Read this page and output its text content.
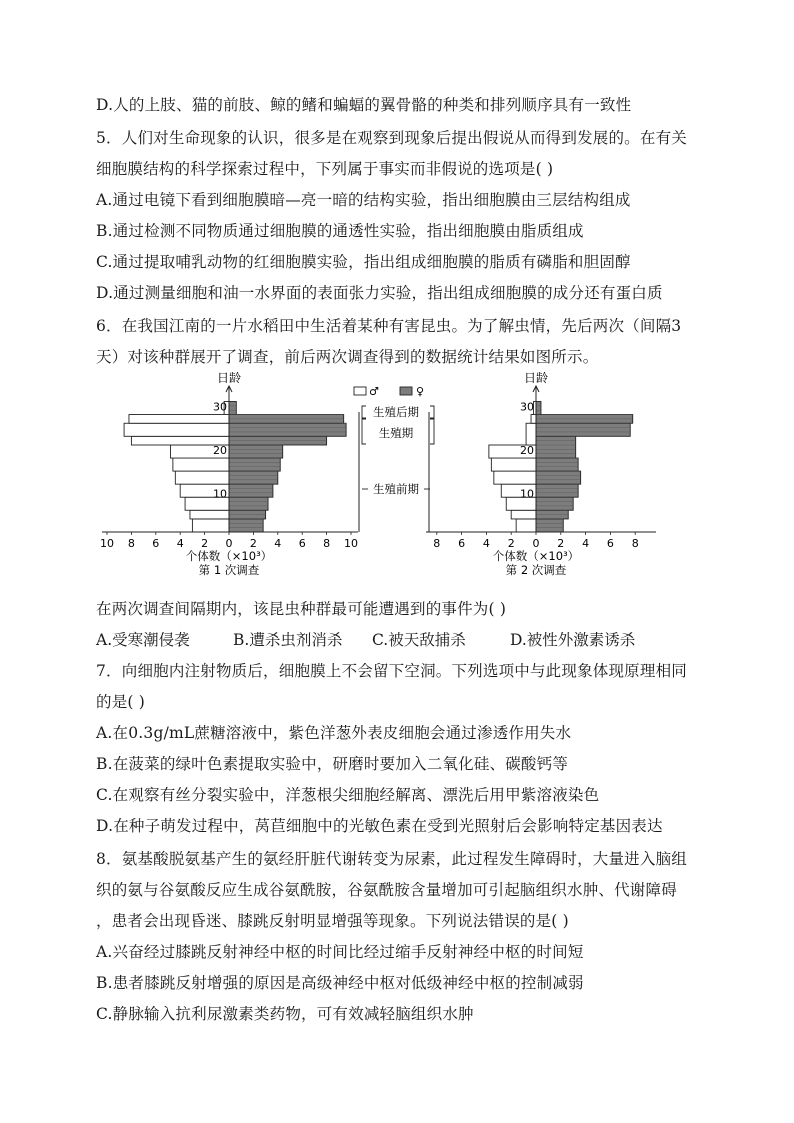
D.人的上肢、猫的前肢、鲸的鳍和蝙蝠的翼骨骼的种类和排列顺序具有一致性
5．人们对生命现象的认识，很多是在观察到现象后提出假说从而得到发展的。在有关
细胞膜结构的科学探索过程中，下列属于事实而非假说的选项是( )
A.通过电镜下看到细胞膜暗—亮一暗的结构实验，指出细胞膜由三层结构组成
B.通过检测不同物质通过细胞膜的通透性实验，指出细胞膜由脂质组成
C.通过提取哺乳动物的红细胞膜实验，指出组成细胞膜的脂质有磷脂和胆固醇
D.通过测量细胞和油一水界面的表面张力实验，指出组成细胞膜的成分还有蛋白质
6．在我国江南的一片水稻田中生活着某种有害昆虫。为了解虫情，先后两次（间隔3
天）对该种群展开了调查，前后两次调查得到的数据统计结果如图所示。
日龄
30
20
10
10 8 6 4 2 0 2 4 6 8 10
个体数（×10³）
第 1 次调查
日龄
30
20
10
8 6 4 2 0 2 4 6 8
个体数（×10³）
第 2 次调查
♂	♀
生殖后期
生殖期
生殖前期
在两次调查间隔期内，该昆虫种群最可能遭遇到的事件为( )
A.受寒潮侵袭	B.遭杀虫剂消杀 C.被天敌捕杀	D.被性外激素诱杀
7．向细胞内注射物质后，细胞膜上不会留下空洞。下列选项中与此现象体现原理相同
的是( )
A.在0.3g/mL蔗糖溶液中，紫色洋葱外表皮细胞会通过渗透作用失水
B.在菠菜的绿叶色素提取实验中，研磨时要加入二氧化硅、碳酸钙等
C.在观察有丝分裂实验中，洋葱根尖细胞经解离、漂洗后用甲紫溶液染色
D.在种子萌发过程中，莴苣细胞中的光敏色素在受到光照射后会影响特定基因表达
8．氨基酸脱氨基产生的氨经肝脏代谢转变为尿素，此过程发生障碍时，大量进入脑组
织的氨与谷氨酸反应生成谷氨酰胺，谷氨酰胺含量增加可引起脑组织水肿、代谢障碍
，患者会出现昏迷、膝跳反射明显增强等现象。下列说法错误的是( )
A.兴奋经过膝跳反射神经中枢的时间比经过缩手反射神经中枢的时间短
B.患者膝跳反射增强的原因是高级神经中枢对低级神经中枢的控制减弱
C.静脉输入抗利尿激素类药物，可有效减轻脑组织水肿
